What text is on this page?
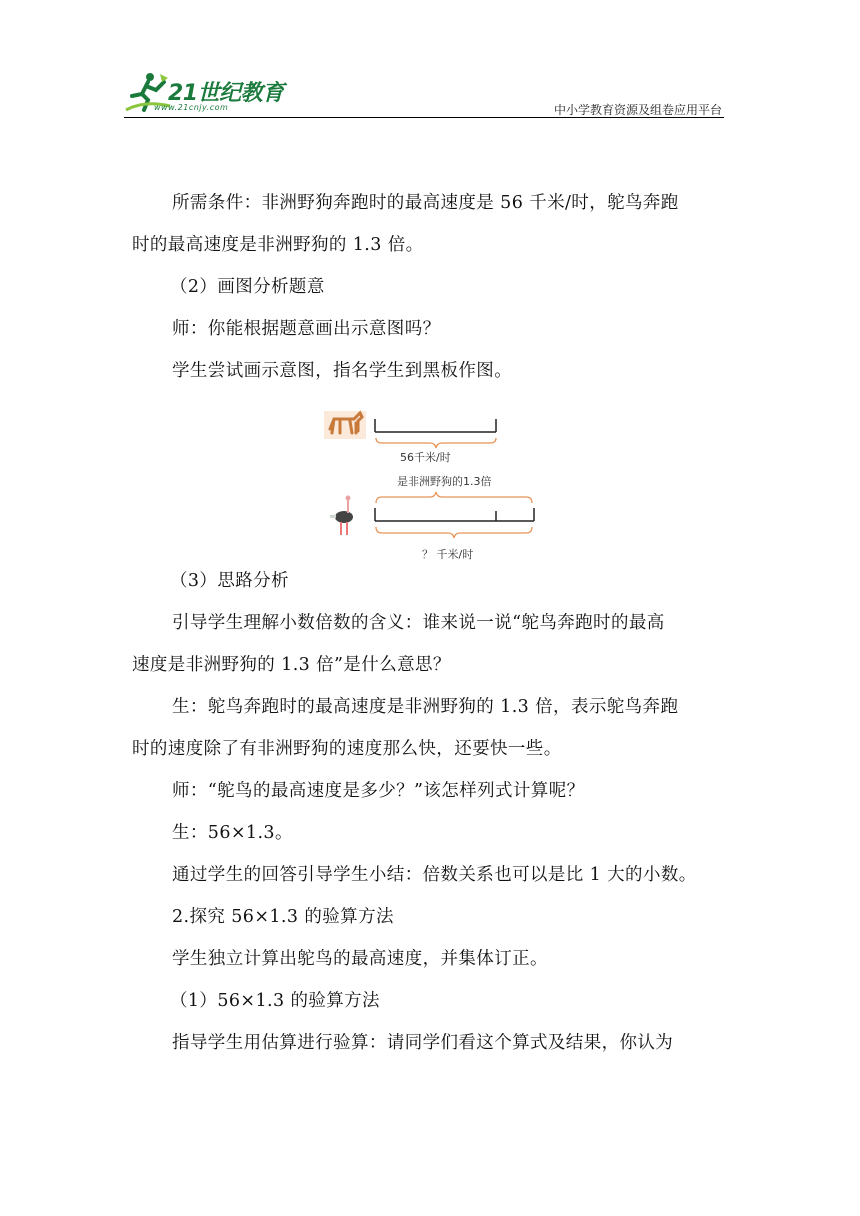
21世纪教育
www.21cnjy.com	中小学教育资源及组卷应用平台

所需条件：非洲野狗奔跑时的最高速度是 56 千米/时，鸵鸟奔跑

时的最高速度是非洲野狗的 1.3 倍。

（2）画图分析题意

师：你能根据题意画出示意图吗？

学生尝试画示意图，指名学生到黑板作图。

（3）思路分析

引导学生理解小数倍数的含义：谁来说一说“鸵鸟奔跑时的最高

速度是非洲野狗的 1.3 倍”是什么意思？

生：鸵鸟奔跑时的最高速度是非洲野狗的 1.3 倍，表示鸵鸟奔跑

时的速度除了有非洲野狗的速度那么快，还要快一些。

师：“鸵鸟的最高速度是多少？”该怎样列式计算呢？

生：56×1.3。

通过学生的回答引导学生小结：倍数关系也可以是比 1 大的小数。

2.探究 56×1.3 的验算方法

学生独立计算出鸵鸟的最高速度，并集体订正。

（1）56×1.3 的验算方法

指导学生用估算进行验算：请同学们看这个算式及结果，你认为

56千米/时
是非洲野狗的1.3倍
？ 千米/时
